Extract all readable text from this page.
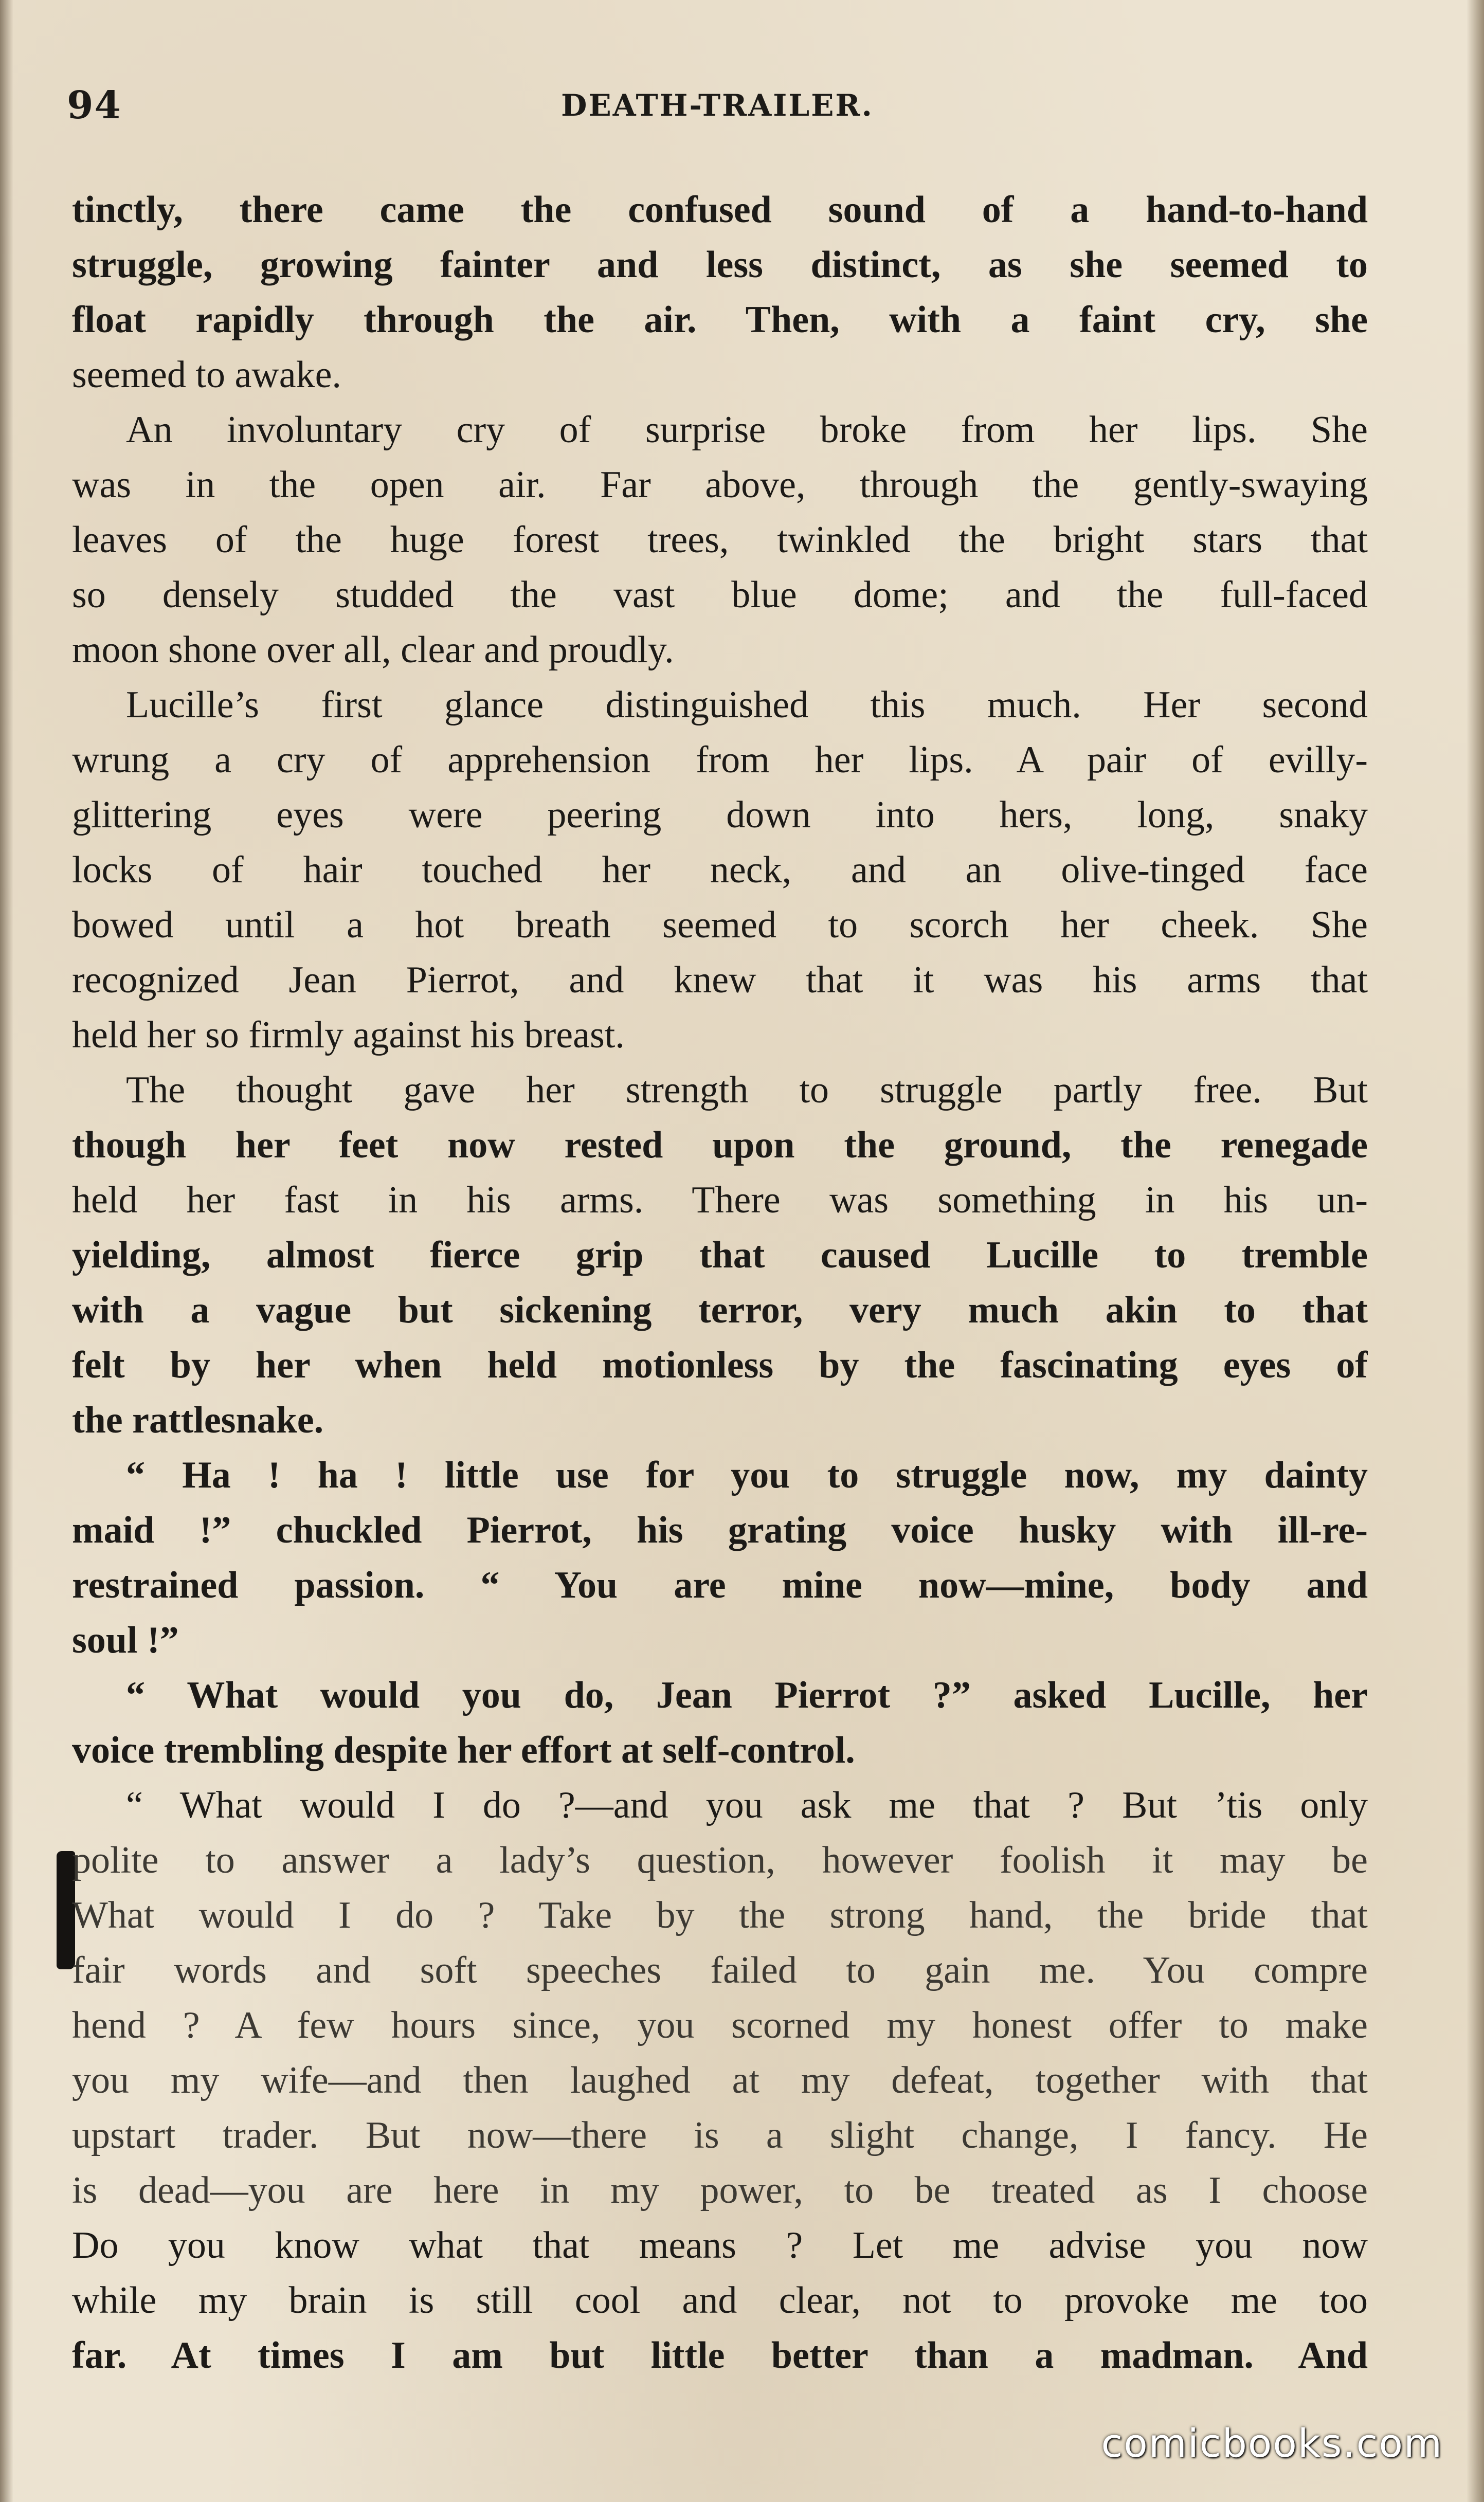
94	DEATH-TRAILER.
tinctly, there came the confused sound of a hand-to-hand
struggle, growing fainter and less distinct, as she seemed to
float rapidly through the air. Then, with a faint cry, she
seemed to awake.
An involuntary cry of surprise broke from her lips. She
was in the open air. Far above, through the gently-swaying
leaves of the huge forest trees, twinkled the bright stars that
so densely studded the vast blue dome; and the full-faced
moon shone over all, clear and proudly.
Lucille’s first glance distinguished this much. Her second
wrung a cry of apprehension from her lips. A pair of evilly-
glittering eyes were peering down into hers, long, snaky
locks of hair touched her neck, and an olive-tinged face
bowed until a hot breath seemed to scorch her cheek. She
recognized Jean Pierrot, and knew that it was his arms that
held her so firmly against his breast.
The thought gave her strength to struggle partly free. But
though her feet now rested upon the ground, the renegade
held her fast in his arms. There was something in his un-
yielding, almost fierce grip that caused Lucille to tremble
with a vague but sickening terror, very much akin to that
felt by her when held motionless by the fascinating eyes of
the rattlesnake.
“ Ha ! ha ! little use for you to struggle now, my dainty
maid !” chuckled Pierrot, his grating voice husky with ill-re-
restrained passion. “ You are mine now—mine, body and
soul !”
“ What would you do, Jean Pierrot ?” asked Lucille, her
voice trembling despite her effort at self-control.
“ What would I do ?—and you ask me that ? But ’tis only
polite to answer a lady’s question, however foolish it may be
What would I do ? Take by the strong hand, the bride that
fair words and soft speeches failed to gain me. You compre
hend ? A few hours since, you scorned my honest offer to make
you my wife—and then laughed at my defeat, together with that
upstart trader. But now—there is a slight change, I fancy. He
is dead—you are here in my power, to be treated as I choose
Do you know what that means ? Let me advise you now
while my brain is still cool and clear, not to provoke me too
far. At times I am but little better than a madman. And
comicbooks.com
